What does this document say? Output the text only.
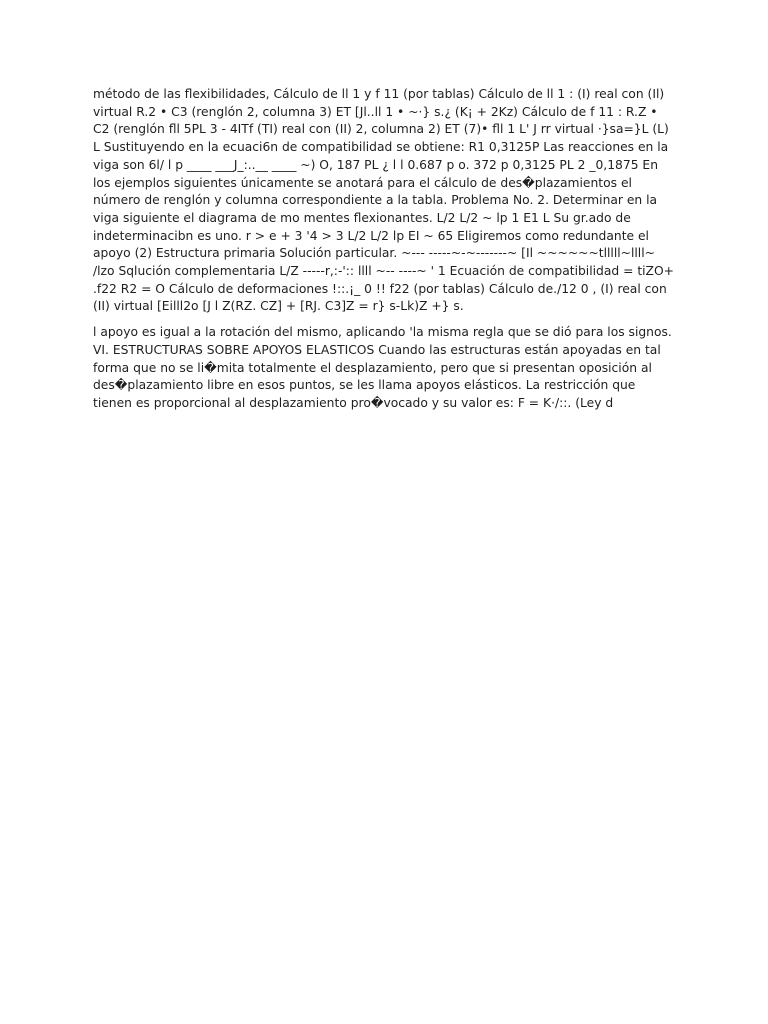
método de las flexibilidades, Cálculo de ll 1 y f 11 (por tablas) Cálculo de ll 1 : (I) real con (Il) virtual R.2 • C3 (renglón 2, columna 3) ET [Jl..ll 1 • ~·} s.¿ (K¡ + 2Kz) Cálculo de f 11 : R.Z • C2 (renglón fll 5PL 3 - 4ITf (TI) real con (II) 2, columna 2) ET (7)• fll 1 L' J rr virtual ·}sa=}L (L) L Sustituyendo en la ecuaci6n de compatibilidad se obtiene: R1 0,3125P Las reacciones en la viga son 6l/ l p ____ ___J_:..__ ____ ~) O, 187 PL ¿ l l 0.687 p o. 372 p 0,3125 PL 2 _0,1875 En los ejemplos siguientes únicamente se anotará para el cálculo de des�plazamientos el número de renglón y columna correspondiente a la tabla. Problema No. 2. Determinar en la viga siguiente el diagrama de mo mentes flexionantes. L/2 L/2 ~ lp 1 E1 L Su gr.ado de indeterminacibn es uno. r > e + 3 '4 > 3 L/2 L/2 lp EI ~ 65 Eligiremos como redundante el apoyo (2) Estructura primaria Solución particular. ~--- -----~-~-------~ [Il ~~~~~~tlllll~llll~ /lzo Sqlución complementaria L/Z -----r,:-':: llll ~-- ----~ ' 1 Ecuación de compatibilidad = tiZO+ .f22 R2 = O Cálculo de deformaciones !::.¡_ 0 !! f22 (por tablas) Cálculo de./12 0 , (I) real con (II) virtual [Eilll2o [J l Z(RZ. CZ] + [RJ. C3]Z = r} s-Lk)Z +} s.

l apoyo es igual a la rotación del mismo, aplicando 'la misma regla que se dió para los signos. VI. ESTRUCTURAS SOBRE APOYOS ELASTICOS Cuando las estructuras están apoyadas en tal forma que no se li�mita totalmente el desplazamiento, pero que si presentan oposición al des�plazamiento libre en esos puntos, se les llama apoyos elásticos. La restricción que tienen es proporcional al desplazamiento pro�vocado y su valor es: F = K·/::. (Ley d
